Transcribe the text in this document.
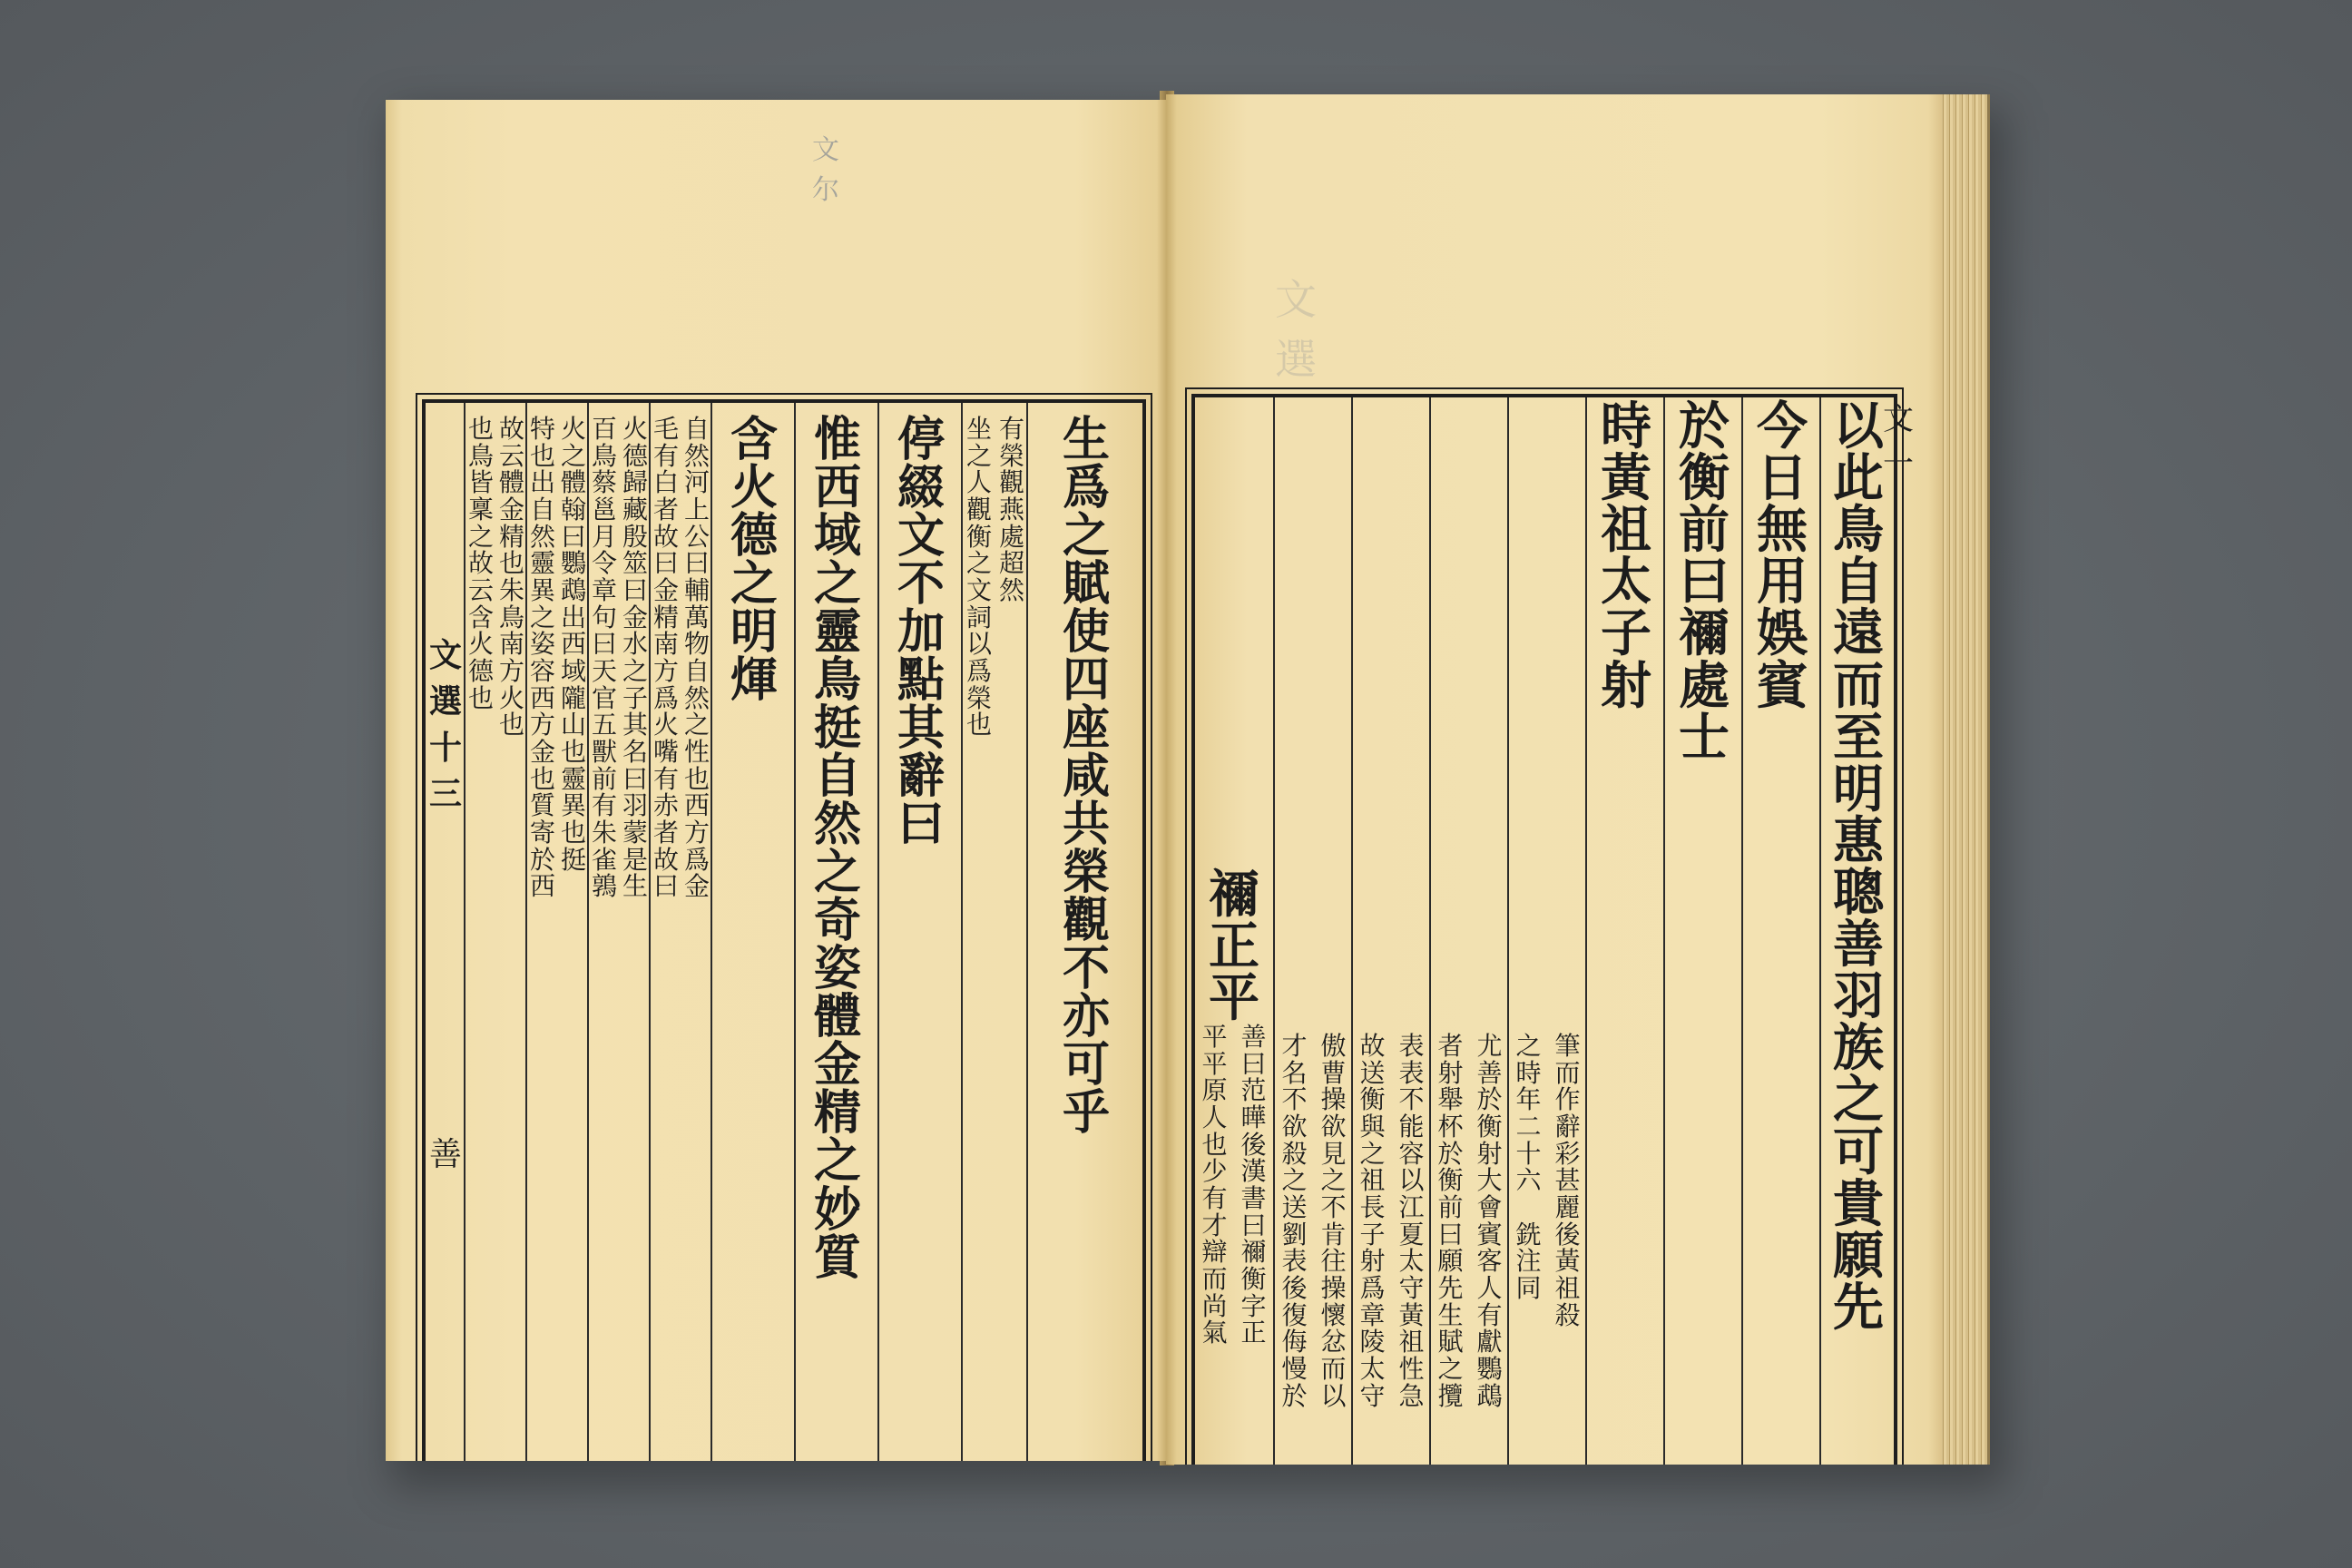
文
選
文
一
禰
正
平
平
平
原
人
也
少
有
才
辯
而
尚
氣
善
曰
范
曄
後
漢
書
曰
禰
衡
字
正
才
名
不
欲
殺
之
送
劉
表
後
復
侮
慢
於
傲
曹
操
欲
見
之
不
肯
往
操
懷
忿
而
以
故
送
衡
與
之
祖
長
子
射
爲
章
陵
太
守
表
表
不
能
容
以
江
夏
太
守
黃
祖
性
急
者
射
舉
杯
於
衡
前
曰
願
先
生
賦
之
攬
尤
善
於
衡
射
大
會
賓
客
人
有
獻
鸚
鵡
之
時
年
二
十
六

銑
注
同
筆
而
作
辭
彩
甚
麗
後
黃
祖
殺
時
黃
祖
太
子
射
於
衡
前
曰
禰
處
士
今
日
無
用
娛
賓
以
此
鳥
自
遠
而
至
明
惠
聰
善
羽
族
之
可
貴
願
先
文
尔
文
選
十
三
善
也
鳥
皆
稟
之
故
云
含
火
德
也
故
云
體
金
精
也
朱
鳥
南
方
火
也
特
也
出
自
然
靈
異
之
姿
容
西
方
金
也
質
寄
於
西
火
之
體
翰
曰
鸚
鵡
出
西
域
隴
山
也
靈
異
也
挺
百
鳥
蔡
邕
月
令
章
句
曰
天
官
五
獸
前
有
朱
雀
鶉
火
德
歸
藏
殷
筮
曰
金
水
之
子
其
名
曰
羽
蒙
是
生
毛
有
白
者
故
曰
金
精
南
方
爲
火
嘴
有
赤
者
故
曰
自
然
河
上
公
曰
輔
萬
物
自
然
之
性
也
西
方
爲
金
含
火
德
之
明
煇
惟
西
域
之
靈
鳥
挺
自
然
之
奇
姿
體
金
精
之
妙
質
停
綴
文
不
加
點
其
辭
曰
坐
之
人
觀
衡
之
文
詞
以
爲
榮
也
有
榮
觀
燕
處
超
然
生
爲
之
賦
使
四
座
咸
共
榮
觀
不
亦
可
乎
